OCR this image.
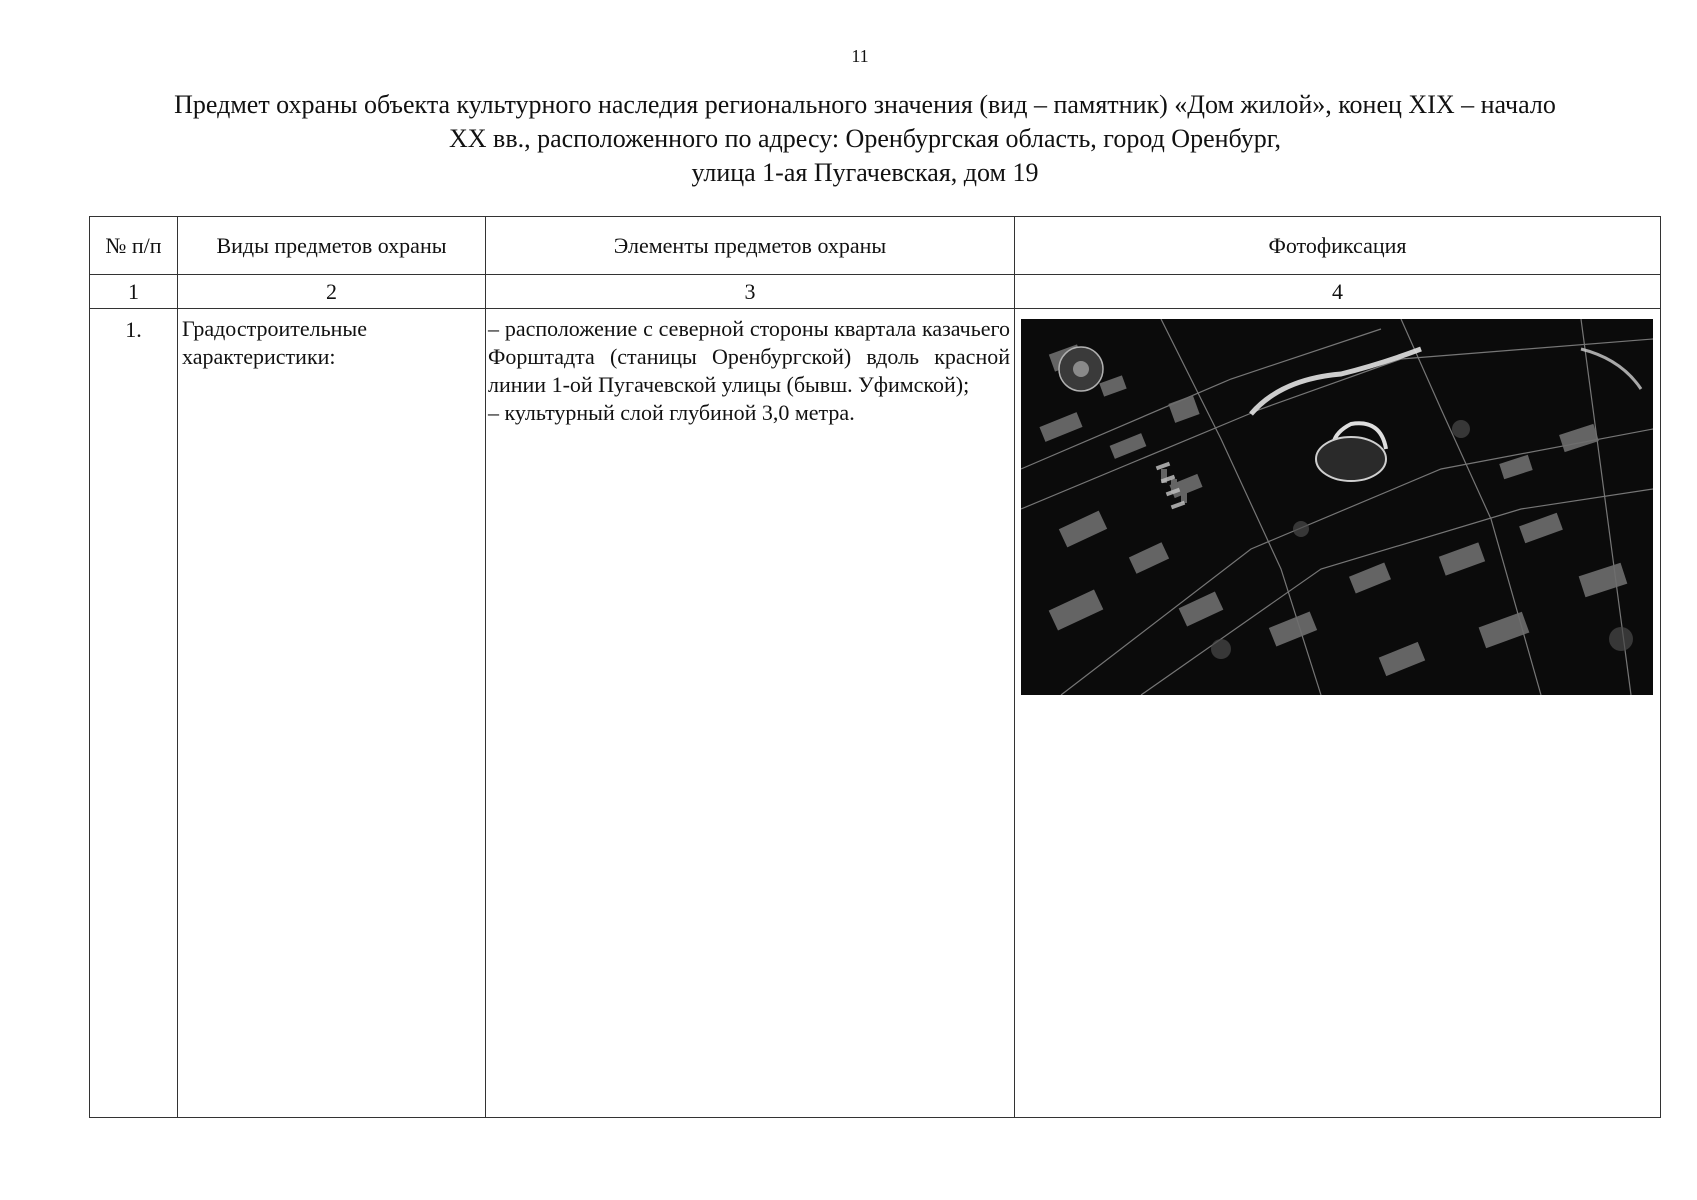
11
Предмет охраны объекта культурного наследия регионального значения (вид – памятник) «Дом жилой», конец XIX – начало
XX вв., расположенного по адресу: Оренбургская область, город Оренбург,
улица 1-ая Пугачевская, дом 19
№ п/п	Виды предметов охраны	Элементы предметов охраны	Фотофиксация
1	2	3	4
1.	Градостроительные характеристики:	– расположение с северной стороны квартала казачьего Форштадта (станицы Оренбургской) вдоль красной линии 1-ой Пугачевской улицы (бывш. Уфимской);

– культурный слой глубиной 3,0 метра.
